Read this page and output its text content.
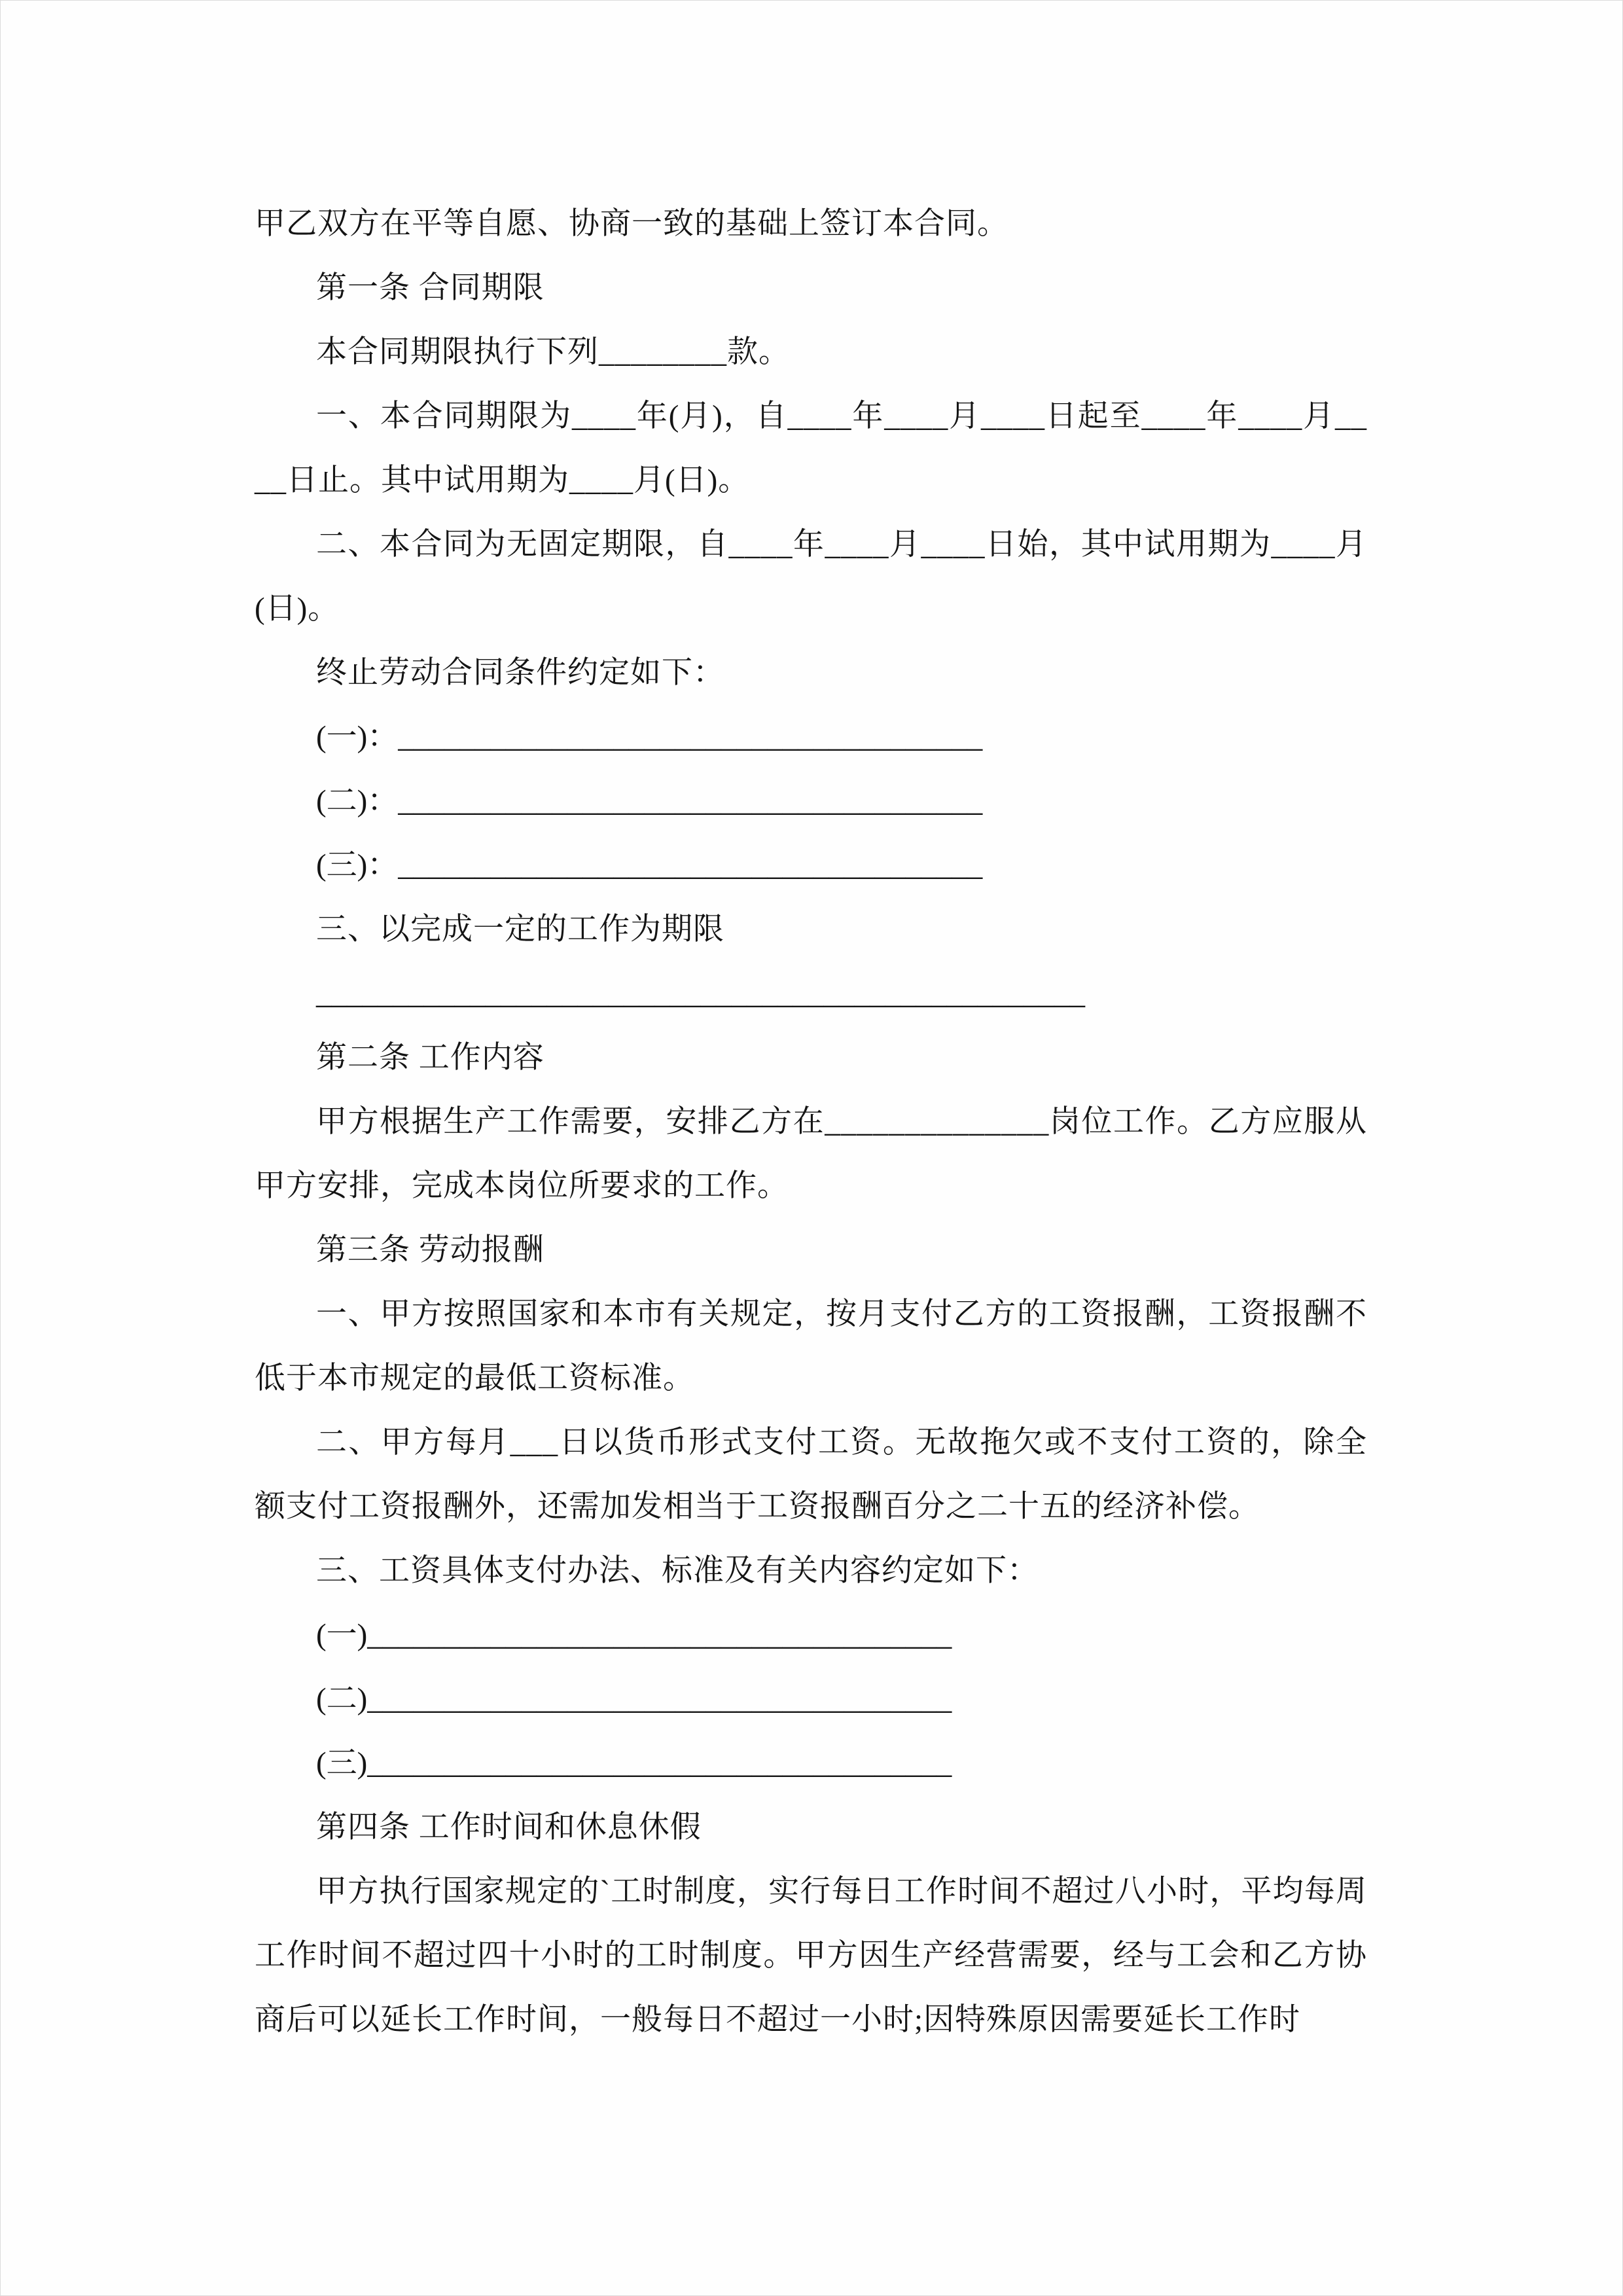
甲乙双方在平等自愿、协商一致的基础上签订本合同。

第一条 合同期限

本合同期限执行下列________款。

一、本合同期限为____年(月)，自____年____月____日起至____年____月____日止。其中试用期为____月(日)。

二、本合同为无固定期限，自____年____月____日始，其中试用期为____月(日)。

终止劳动合同条件约定如下：

(一)：______________________________________

(二)：______________________________________

(三)：______________________________________

三、以完成一定的工作为期限

__________________________________________________

第二条 工作内容

甲方根据生产工作需要，安排乙方在______________岗位工作。乙方应服从甲方安排，完成本岗位所要求的工作。

第三条 劳动报酬

一、甲方按照国家和本市有关规定，按月支付乙方的工资报酬，工资报酬不低于本市规定的最低工资标准。

二、甲方每月___日以货币形式支付工资。无故拖欠或不支付工资的，除全额支付工资报酬外，还需加发相当于工资报酬百分之二十五的经济补偿。

三、工资具体支付办法、标准及有关内容约定如下：

(一)______________________________________

(二)______________________________________

(三)______________________________________

第四条 工作时间和休息休假

甲方执行国家规定的`工时制度，实行每日工作时间不超过八小时，平均每周工作时间不超过四十小时的工时制度。甲方因生产经营需要，经与工会和乙方协商后可以延长工作时间，一般每日不超过一小时;因特殊原因需要延长工作时
